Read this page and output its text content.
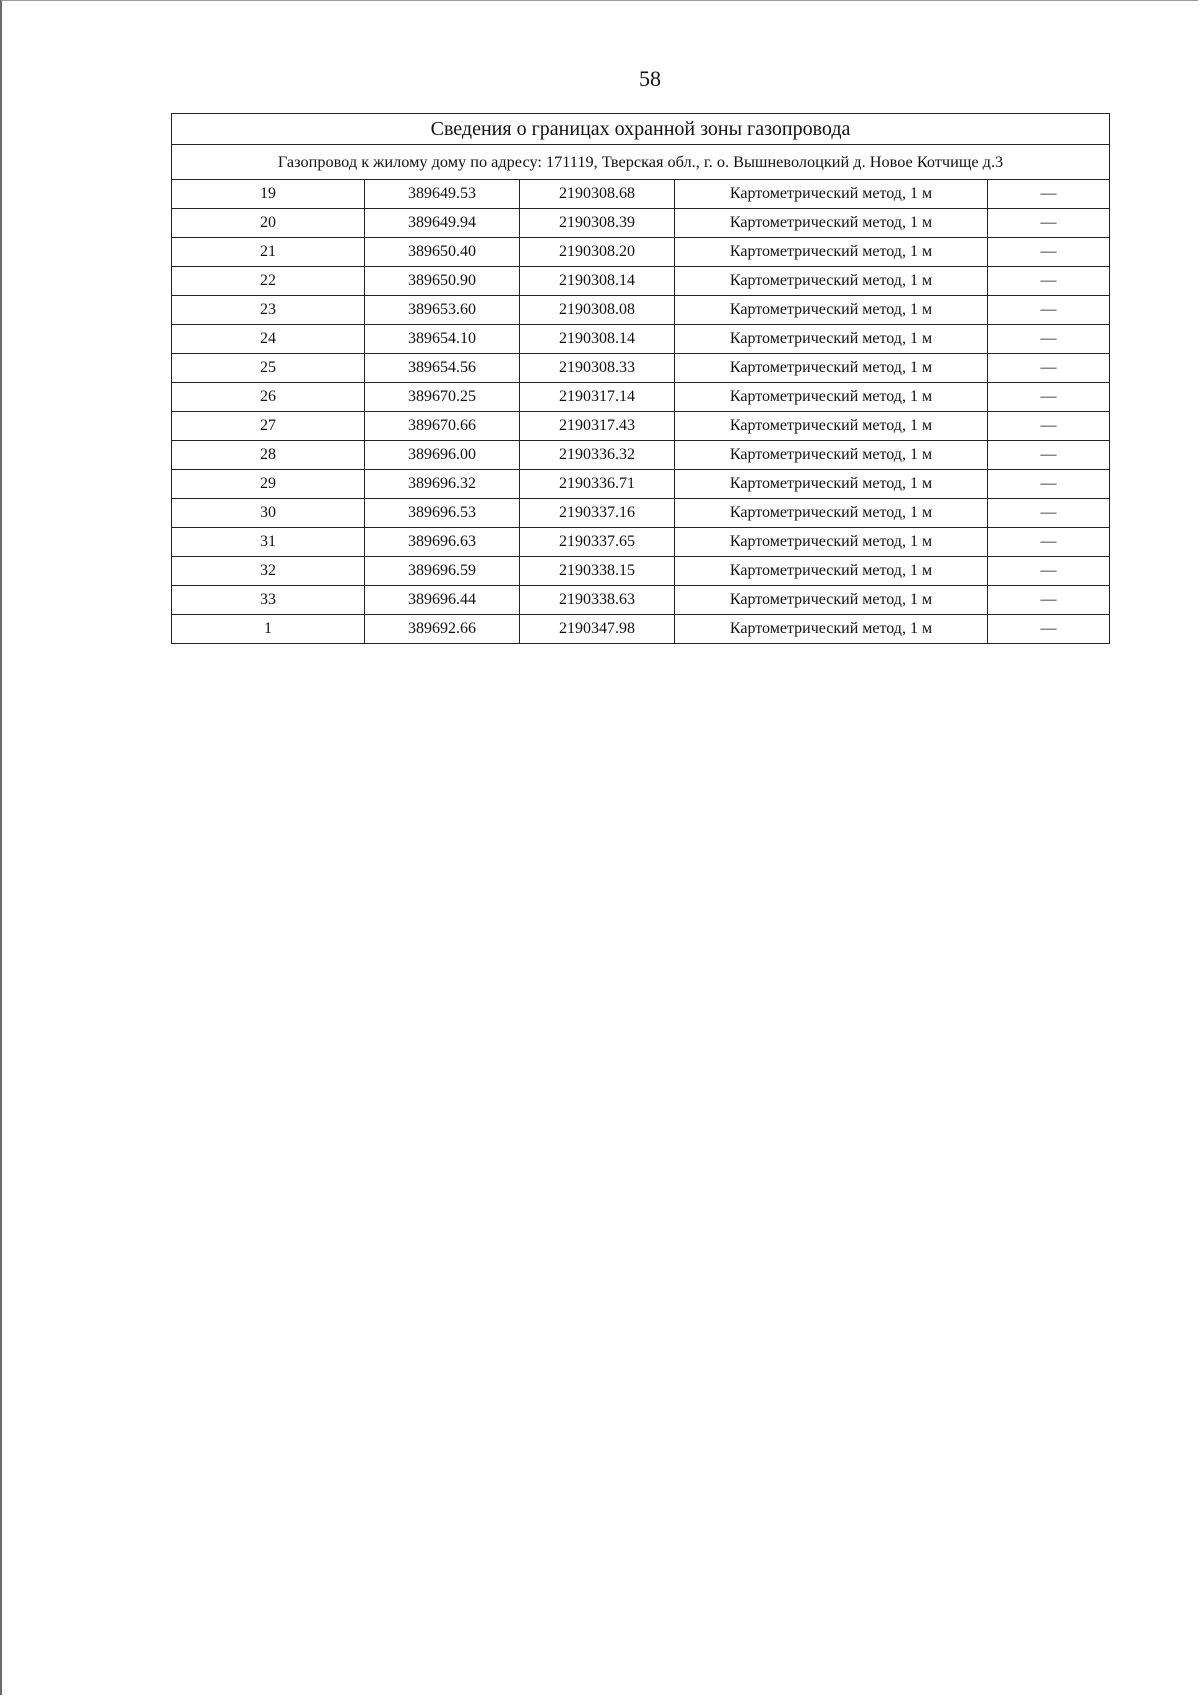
58
Сведения о границах охранной зоны газопровода				
Газопровод к жилому дому по адресу: 171119, Тверская обл., г. о. Вышневолоцкий д. Новое Котчище д.3				
19	389649.53	2190308.68	Картометрический метод, 1 м	—
20	389649.94	2190308.39	Картометрический метод, 1 м	—
21	389650.40	2190308.20	Картометрический метод, 1 м	—
22	389650.90	2190308.14	Картометрический метод, 1 м	—
23	389653.60	2190308.08	Картометрический метод, 1 м	—
24	389654.10	2190308.14	Картометрический метод, 1 м	—
25	389654.56	2190308.33	Картометрический метод, 1 м	—
26	389670.25	2190317.14	Картометрический метод, 1 м	—
27	389670.66	2190317.43	Картометрический метод, 1 м	—
28	389696.00	2190336.32	Картометрический метод, 1 м	—
29	389696.32	2190336.71	Картометрический метод, 1 м	—
30	389696.53	2190337.16	Картометрический метод, 1 м	—
31	389696.63	2190337.65	Картометрический метод, 1 м	—
32	389696.59	2190338.15	Картометрический метод, 1 м	—
33	389696.44	2190338.63	Картометрический метод, 1 м	—
1	389692.66	2190347.98	Картометрический метод, 1 м	—
